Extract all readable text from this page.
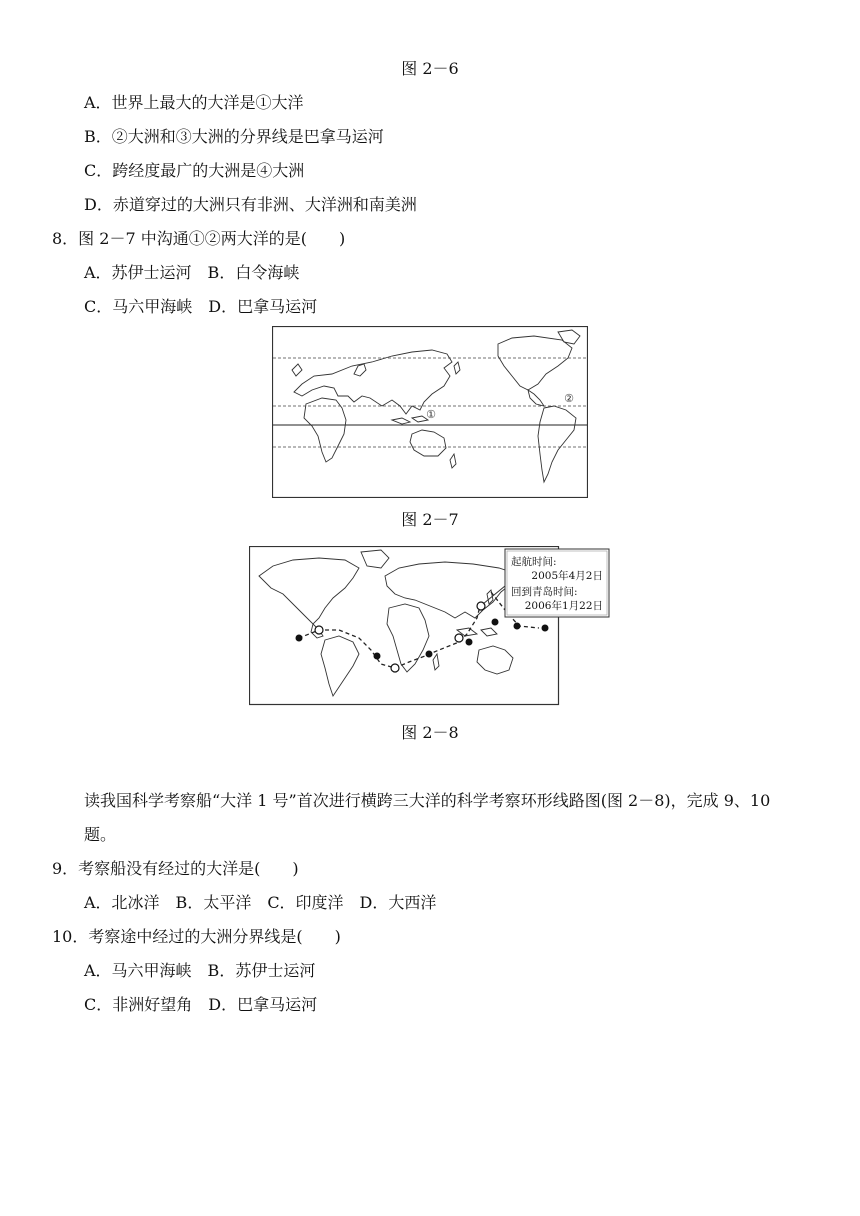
图 2－6
A．世界上最大的大洋是①大洋
B．②大洲和③大洲的分界线是巴拿马运河
C．跨经度最广的大洲是④大洲
D．赤道穿过的大洲只有非洲、大洋洲和南美洲
8．图 2－7 中沟通①②两大洋的是(　　)
A．苏伊士运河　B．白令海峡
C．马六甲海峡　D．巴拿马运河
①
②
图 2－7
起航时间:
2005年4月2日
回到青岛时间:
2006年1月22日
图 2－8
读我国科学考察船“大洋 1 号”首次进行横跨三大洋的科学考察环形线路图(图 2－8)，完成 9、10
题。
9．考察船没有经过的大洋是(　　)
A．北冰洋　B．太平洋　C．印度洋　D．大西洋
10．考察途中经过的大洲分界线是(　　)
A．马六甲海峡　B．苏伊士运河
C．非洲好望角　D．巴拿马运河
